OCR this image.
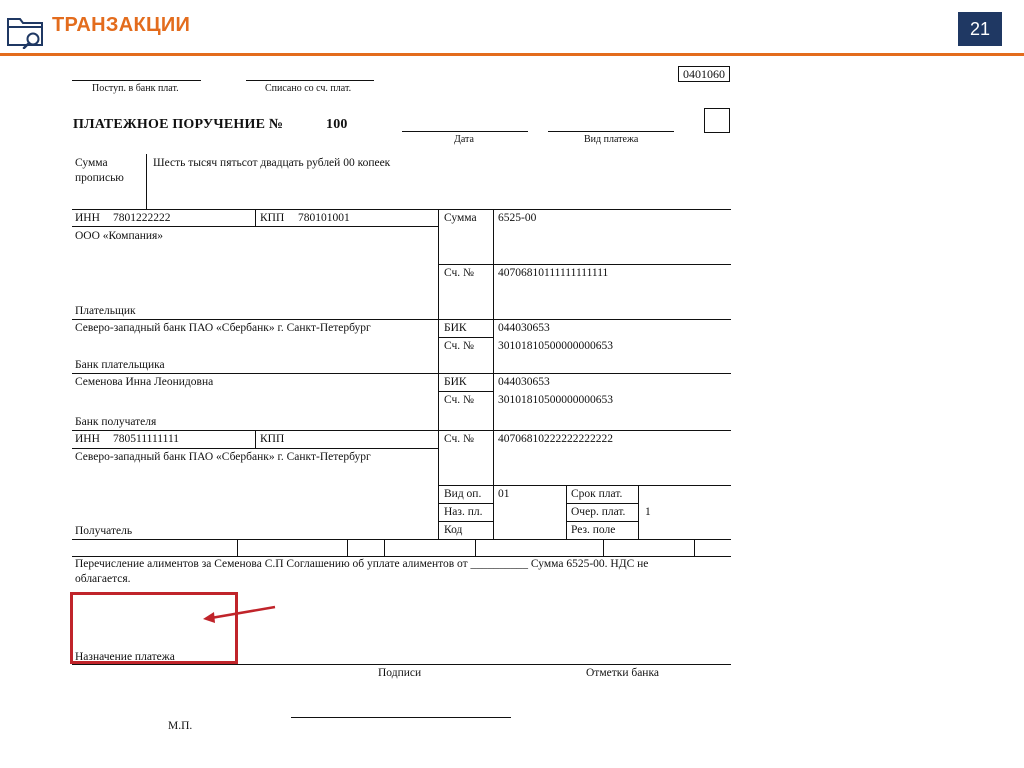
ТРАНЗАКЦИИ	21
0401060
Поступ. в банк плат.	Списано со сч. плат.
ПЛАТЕЖНОЕ ПОРУЧЕНИЕ №	100
Дата	Вид платежа
Сумма
прописью
Шесть тысяч пятьсот двадцать рублей 00 копеек
ИНН 7801222222	КПП 780101001
ООО «Компания»
Плательщик
Сумма 6525-00
Сч. № 40706810111111111111
Северо-западный банк ПАО «Сбербанк» г. Санкт-Петербург
Банк плательщика
БИК	044030653
Сч. № 30101810500000000653
Семенова Инна Леонидовна
Банк получателя
БИК	044030653
Сч. № 30101810500000000653
ИНН 780511111111	КПП
Северо-западный банк ПАО «Сбербанк» г. Санкт-Петербург
Получатель
Сч. № 40706810222222222222
Вид оп. 01	Срок плат.
Наз. пл.	Очер. плат. 1
Код	Рез. поле
Перечисление алиментов за Семенова С.П Соглашению об уплате алиментов от __________ Сумма 6525-00. НДС не
облагается.
Назначение платежа
Подписи	Отметки банка
М.П.
